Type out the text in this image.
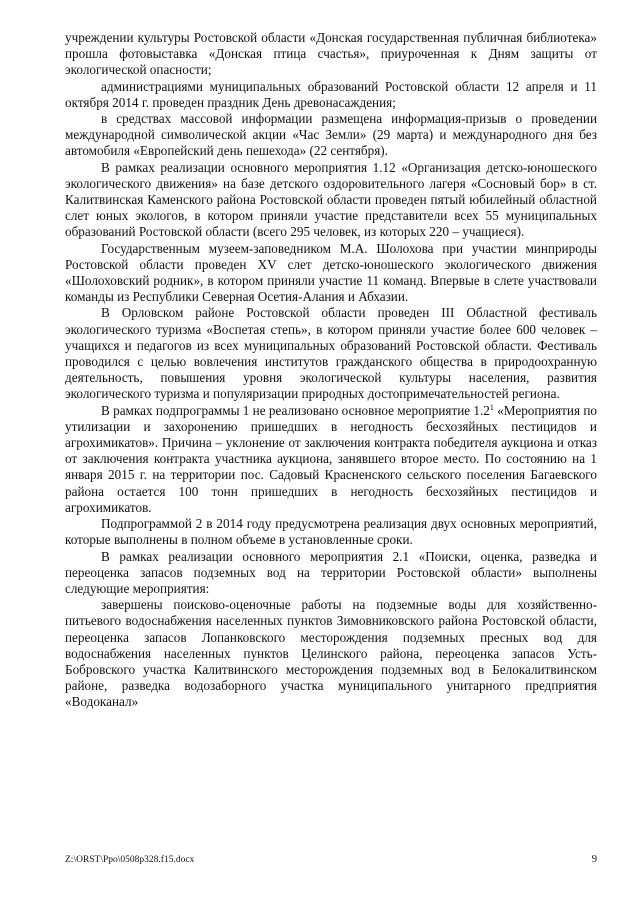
учреждении культуры Ростовской области «Донская государственная публичная библиотека» прошла фотовыставка «Донская птица счастья», приуроченная к Дням защиты от экологической опасности;

администрациями муниципальных образований Ростовской области 12 апреля и 11 октября 2014 г. проведен праздник День древонасаждения;

в средствах массовой информации размещена информация-призыв о проведении международной символической акции «Час Земли» (29 марта) и международного дня без автомобиля «Европейский день пешехода» (22 сентября).

В рамках реализации основного мероприятия 1.12 «Организация детско-юношеского экологического движения» на базе детского оздоровительного лагеря «Сосновый бор» в ст. Калитвинская Каменского района Ростовской области проведен пятый юбилейный областной слет юных экологов, в котором приняли участие представители всех 55 муниципальных образований Ростовской области (всего 295 человек, из которых 220 – учащиеся).

Государственным музеем-заповедником М.А. Шолохова при участии минприроды Ростовской области проведен XV слет детско-юношеского экологического движения «Шолоховский родник», в котором приняли участие 11 команд. Впервые в слете участвовали команды из Республики Северная Осетия-Алания и Абхазии.

В Орловском районе Ростовской области проведен III Областной фестиваль экологического туризма «Воспетая степь», в котором приняли участие более 600 человек – учащихся и педагогов из всех муниципальных образований Ростовской области. Фестиваль проводился с целью вовлечения институтов гражданского общества в природоохранную деятельность, повышения уровня экологической культуры населения, развития экологического туризма и популяризации природных достопримечательностей региона.

В рамках подпрограммы 1 не реализовано основное мероприятие $1.2^1$ «Мероприятия по утилизации и захоронению пришедших в негодность бесхозяйных пестицидов и агрохимикатов». Причина – уклонение от заключения контракта победителя аукциона и отказ от заключения контракта участника аукциона, занявшего второе место. По состоянию на 1 января 2015 г. на территории пос. Садовый Красненского сельского поселения Багаевского района остается 100 тонн пришедших в негодность бесхозяйных пестицидов и агрохимикатов.

Подпрограммой 2 в 2014 году предусмотрена реализация двух основных мероприятий, которые выполнены в полном объеме в установленные сроки.

В рамках реализации основного мероприятия 2.1 «Поиски, оценка, разведка и переоценка запасов подземных вод на территории Ростовской области» выполнены следующие мероприятия:

завершены поисково-оценочные работы на подземные воды для хозяйственно-питьевого водоснабжения населенных пунктов Зимовниковского района Ростовской области, переоценка запасов Лопанковского месторождения подземных пресных вод для водоснабжения населенных пунктов Целинского района, переоценка запасов Усть-Бобровского участка Калитвинского месторождения подземных вод в Белокалитвинском районе, разведка водозаборного участка муниципального унитарного предприятия «Водоканал»

Z:\ORST\Ppo\0508p328.f15.docx	9
